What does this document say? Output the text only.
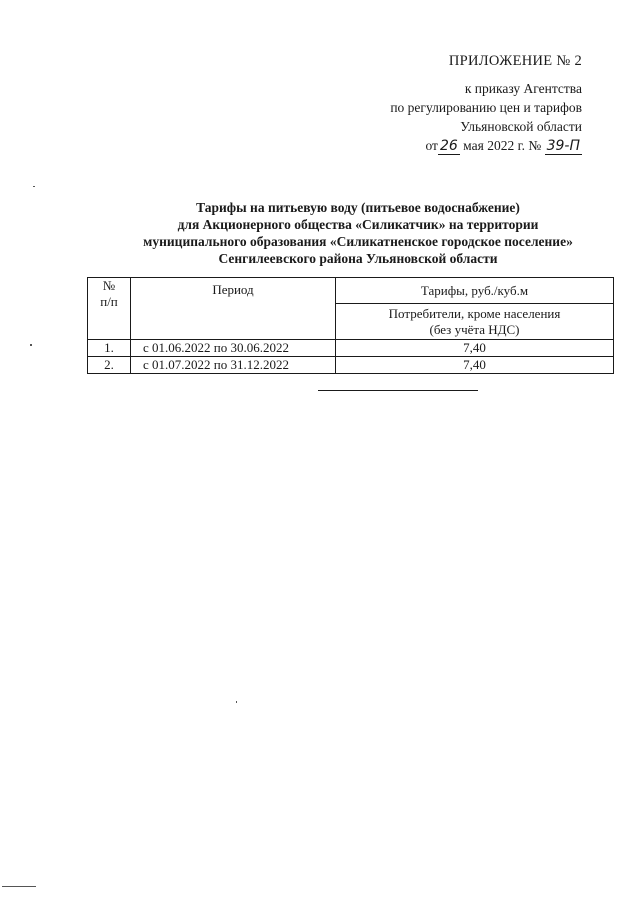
ПРИЛОЖЕНИЕ № 2
к приказу Агентства
по регулированию цен и тарифов
Ульяновской области
от 26 мая 2022 г. № 39-П
Тарифы на питьевую воду (питьевое водоснабжение)
для Акционерного общества «Силикатчик» на территории
муниципального образования «Силикатненское городское поселение»
Сенгилеевского района Ульяновской области
№
п/п	Период	Тарифы, руб./куб.м

		Потребители, кроме населения
(без учёта НДС)

1.	с 01.06.2022 по 30.06.2022	7,40
2.	с 01.07.2022 по 31.12.2022	7,40
